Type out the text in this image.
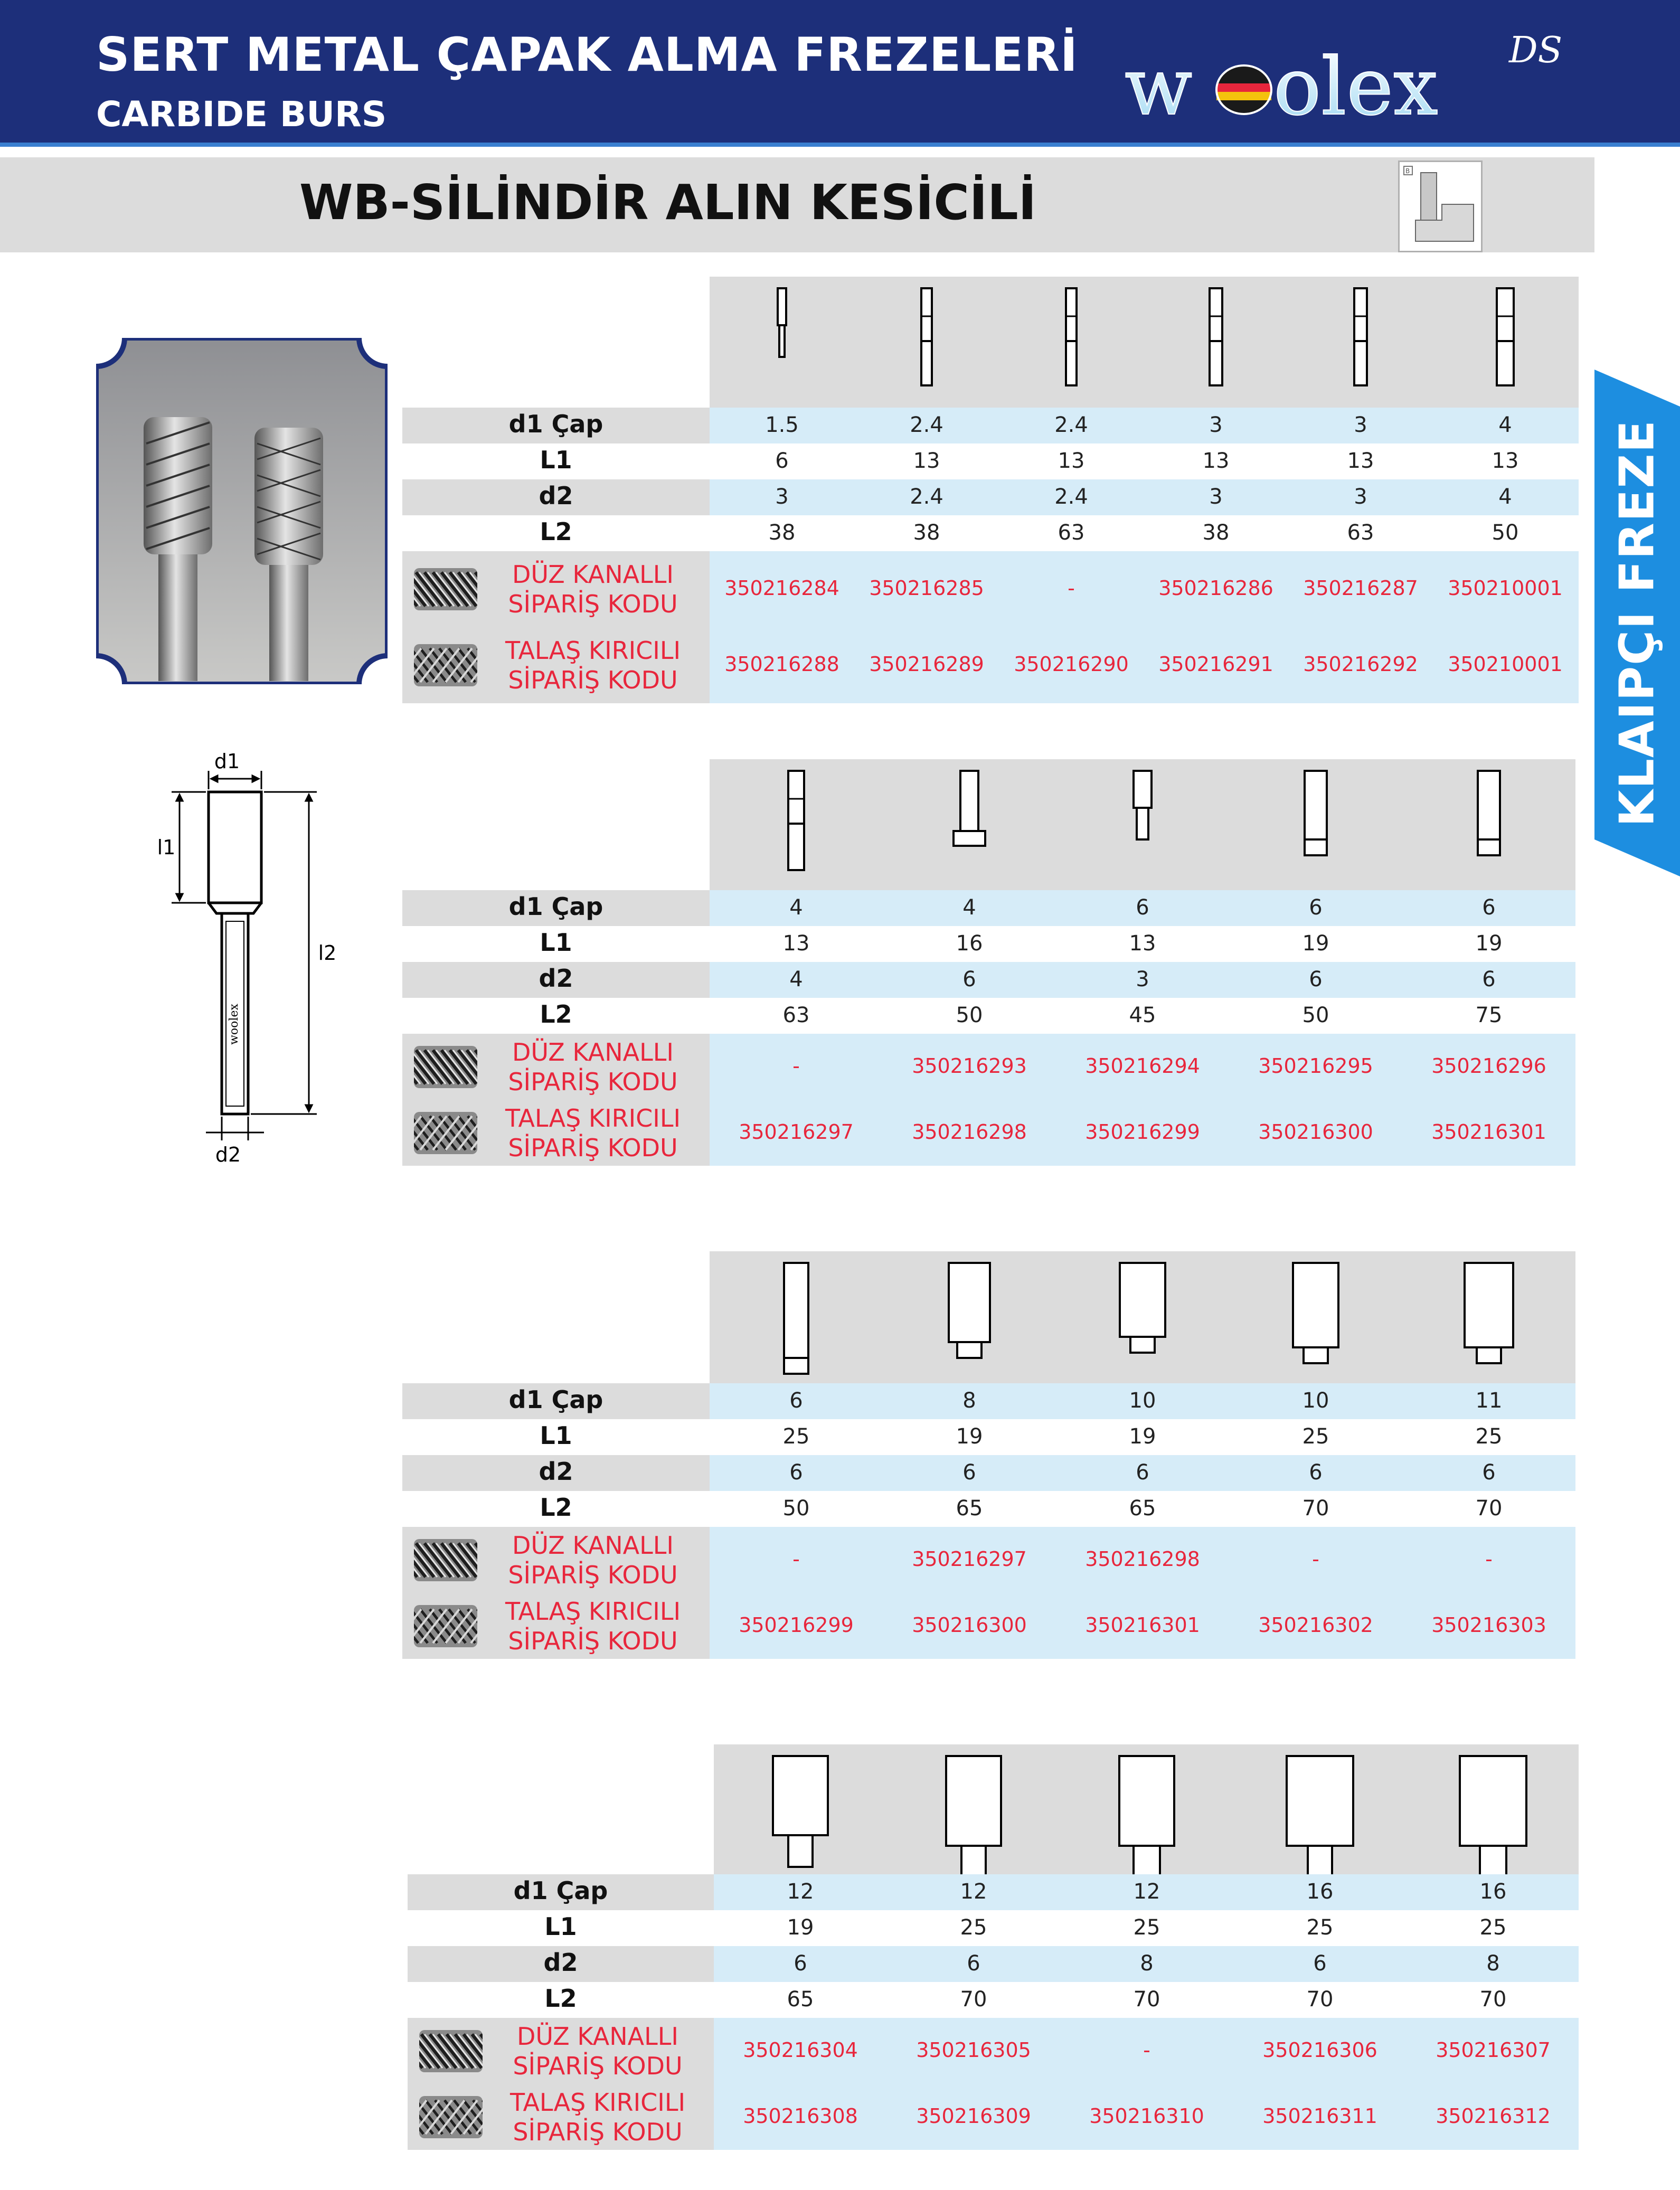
SERT METAL ÇAPAK ALMA FREZELERİ
CARBIDE BURS	w olex DS
WB-SİLİNDİR ALIN KESİCİLİ
B
KLAIPÇI FREZE
d1
l1
l2
d2
woolex
d1 Çap	1.5	2.4	2.4	3	3	4
L1	6	13	13	13	13	13
d2	3	2.4	2.4	3	3	4
L2	38	38	63	38	63	50
DÜZ KANALLI
SİPARİŞ KODU
350216284	350216285	-	350216286	350216287	350210001
TALAŞ KIRICILI
SİPARİŞ KODU
350216288	350216289	350216290	350216291	350216292	350210001
d1 Çap	4	4	6	6	6
L1	13	16	13	19	19
d2	4	6	3	6	6
L2	63	50	45	50	75
DÜZ KANALLI
SİPARİŞ KODU
-	350216293	350216294	350216295	350216296
TALAŞ KIRICILI
SİPARİŞ KODU
350216297	350216298	350216299	350216300	350216301
d1 Çap	6	8	10	10	11
L1	25	19	19	25	25
d2	6	6	6	6	6
L2	50	65	65	70	70
DÜZ KANALLI
SİPARİŞ KODU
-	350216297	350216298	-	-
TALAŞ KIRICILI
SİPARİŞ KODU
350216299	350216300	350216301	350216302	350216303
d1 Çap	12	12	12	16	16
L1	19	25	25	25	25
d2	6	6	8	6	8
L2	65	70	70	70	70
DÜZ KANALLI
SİPARİŞ KODU
350216304	350216305	-	350216306	350216307
TALAŞ KIRICILI
SİPARİŞ KODU
350216308	350216309	350216310	350216311	350216312
